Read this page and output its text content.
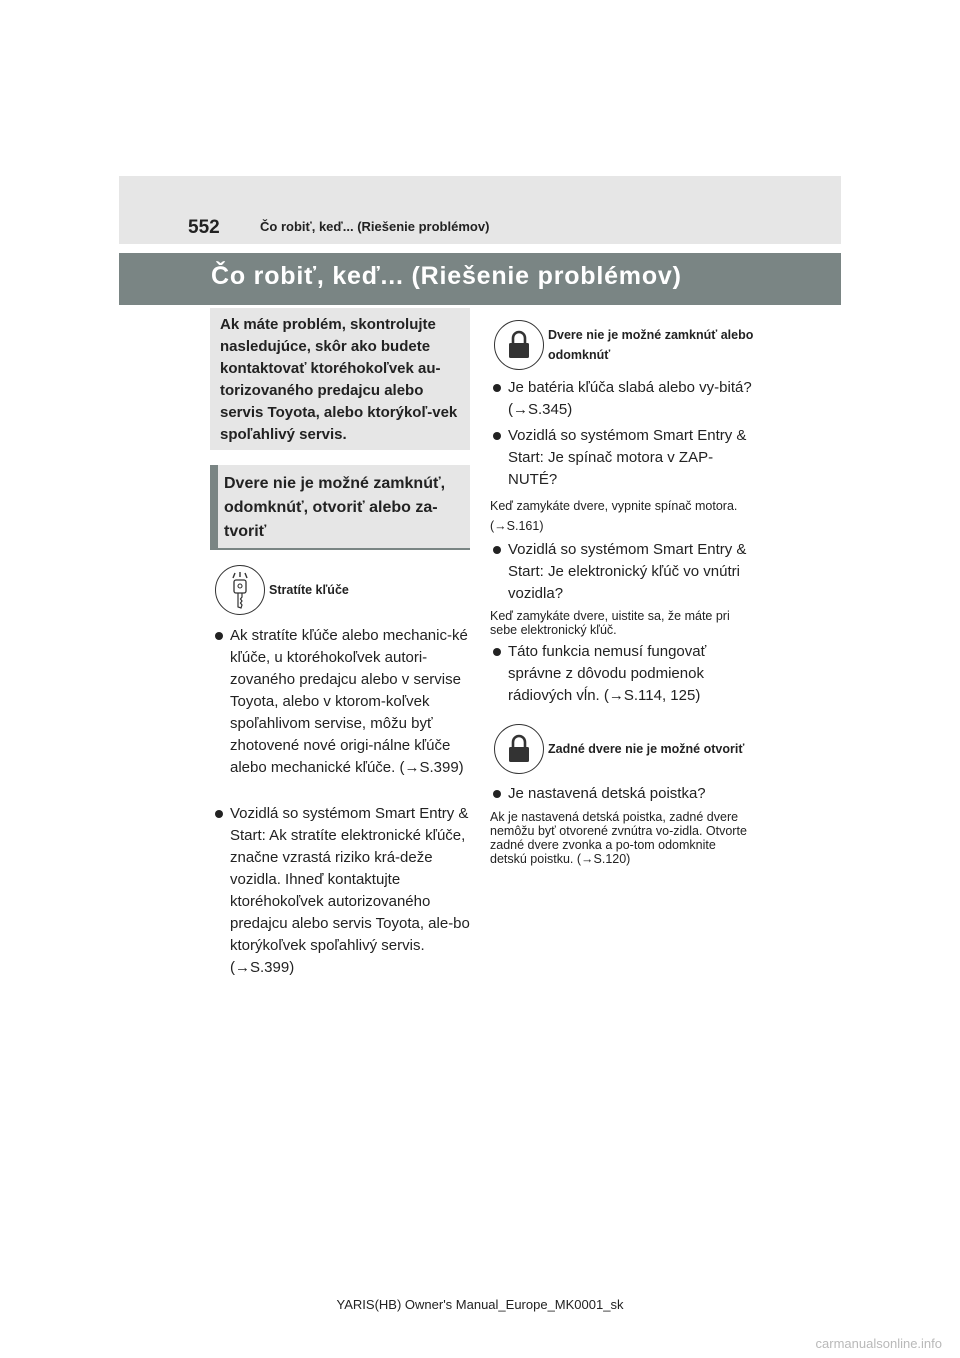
552	Čo robiť, keď... (Riešenie problémov)
Čo robiť, keď... (Riešenie problémov)
Ak máte problém, skontrolujte nasledujúce, skôr ako budete kontaktovať ktoréhokoľvek au-torizovaného predajcu alebo servis Toyota, alebo ktorýkoľ-vek spoľahlivý servis.
Dvere nie je možné zamknúť, odomknúť, otvoriť alebo za-tvoriť
Stratíte kľúče
Ak stratíte kľúče alebo mechanic-ké kľúče, u ktoréhokoľvek autori-zovaného predajcu alebo v servise Toyota, alebo v ktorom-koľvek spoľahlivom servise, môžu byť zhotovené nové origi-nálne kľúče alebo mechanické kľúče. (→S.399)
Vozidlá so systémom Smart Entry & Start: Ak stratíte elektronické kľúče, značne vzrastá riziko krá-deže vozidla. Ihneď kontaktujte ktoréhokoľvek autorizovaného predajcu alebo servis Toyota, ale-bo ktorýkoľvek spoľahlivý servis. (→S.399)
Dvere nie je možné zamknúť alebo odomknúť
Je batéria kľúča slabá alebo vy-bitá? (→S.345)
Vozidlá so systémom Smart Entry & Start: Je spínač motora v ZAP-NUTÉ?
Keď zamykáte dvere, vypnite spínač motora. (→S.161)
Vozidlá so systémom Smart Entry & Start: Je elektronický kľúč vo vnútri vozidla?
Keď zamykáte dvere, uistite sa, že máte pri sebe elektronický kľúč.
Táto funkcia nemusí fungovať správne z dôvodu podmienok rádiových vĺn. (→S.114, 125)
Zadné dvere nie je možné otvoriť
Je nastavená detská poistka?
Ak je nastavená detská poistka, zadné dvere nemôžu byť otvorené zvnútra vo-zidla. Otvorte zadné dvere zvonka a po-tom odomknite detskú poistku. (→S.120)
YARIS(HB) Owner's Manual_Europe_MK0001_sk
carmanualsonline.info
